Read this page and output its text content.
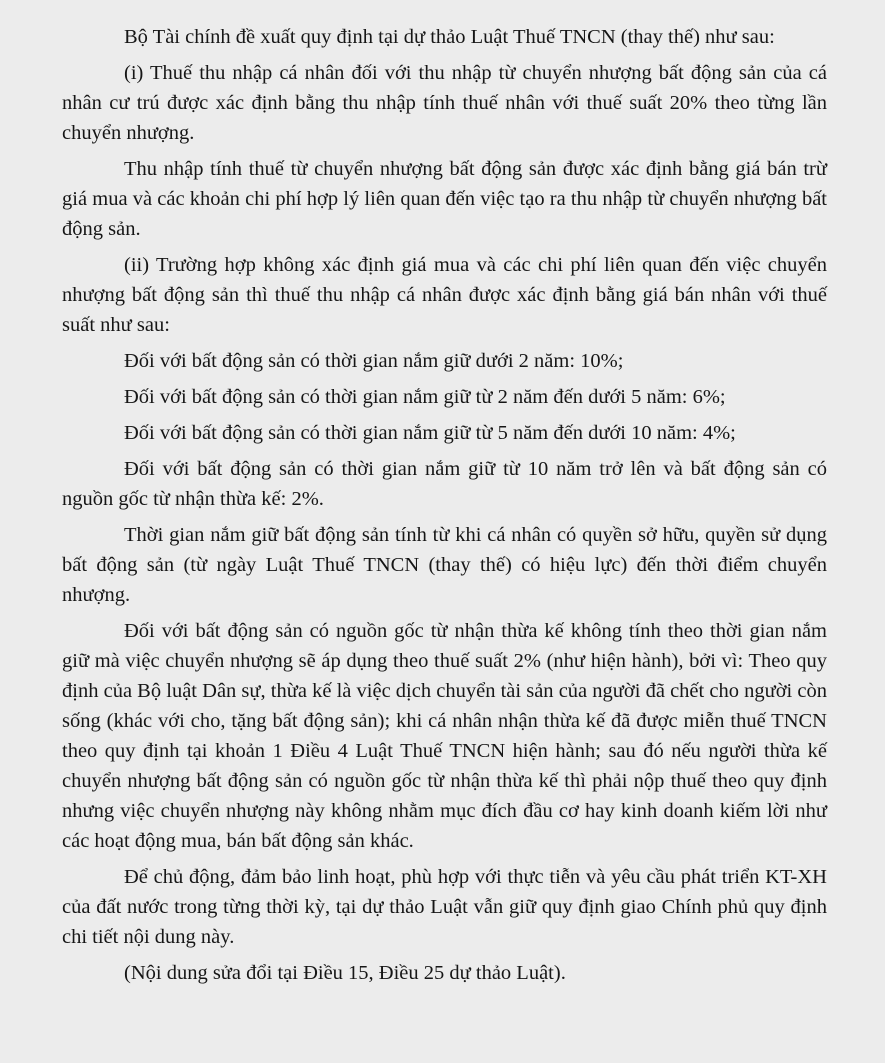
Bộ Tài chính đề xuất quy định tại dự thảo Luật Thuế TNCN (thay thế) như sau:

(i) Thuế thu nhập cá nhân đối với thu nhập từ chuyển nhượng bất động sản của cá nhân cư trú được xác định bằng thu nhập tính thuế nhân với thuế suất 20% theo từng lần chuyển nhượng.

Thu nhập tính thuế từ chuyển nhượng bất động sản được xác định bằng giá bán trừ giá mua và các khoản chi phí hợp lý liên quan đến việc tạo ra thu nhập từ chuyển nhượng bất động sản.

(ii) Trường hợp không xác định giá mua và các chi phí liên quan đến việc chuyển nhượng bất động sản thì thuế thu nhập cá nhân được xác định bằng giá bán nhân với thuế suất như sau:

Đối với bất động sản có thời gian nắm giữ dưới 2 năm: 10%;

Đối với bất động sản có thời gian nắm giữ từ 2 năm đến dưới 5 năm: 6%;

Đối với bất động sản có thời gian nắm giữ từ 5 năm đến dưới 10 năm: 4%;

Đối với bất động sản có thời gian nắm giữ từ 10 năm trở lên và bất động sản có nguồn gốc từ nhận thừa kế: 2%.

Thời gian nắm giữ bất động sản tính từ khi cá nhân có quyền sở hữu, quyền sử dụng bất động sản (từ ngày Luật Thuế TNCN (thay thế) có hiệu lực) đến thời điểm chuyển nhượng.

Đối với bất động sản có nguồn gốc từ nhận thừa kế không tính theo thời gian nắm giữ mà việc chuyển nhượng sẽ áp dụng theo thuế suất 2% (như hiện hành), bởi vì: Theo quy định của Bộ luật Dân sự, thừa kế là việc dịch chuyển tài sản của người đã chết cho người còn sống (khác với cho, tặng bất động sản); khi cá nhân nhận thừa kế đã được miễn thuế TNCN theo quy định tại khoản 1 Điều 4 Luật Thuế TNCN hiện hành; sau đó nếu người thừa kế chuyển nhượng bất động sản có nguồn gốc từ nhận thừa kế thì phải nộp thuế theo quy định nhưng việc chuyển nhượng này không nhằm mục đích đầu cơ hay kinh doanh kiếm lời như các hoạt động mua, bán bất động sản khác.

Để chủ động, đảm bảo linh hoạt, phù hợp với thực tiễn và yêu cầu phát triển KT-XH của đất nước trong từng thời kỳ, tại dự thảo Luật vẫn giữ quy định giao Chính phủ quy định chi tiết nội dung này.

(Nội dung sửa đổi tại Điều 15, Điều 25 dự thảo Luật).
